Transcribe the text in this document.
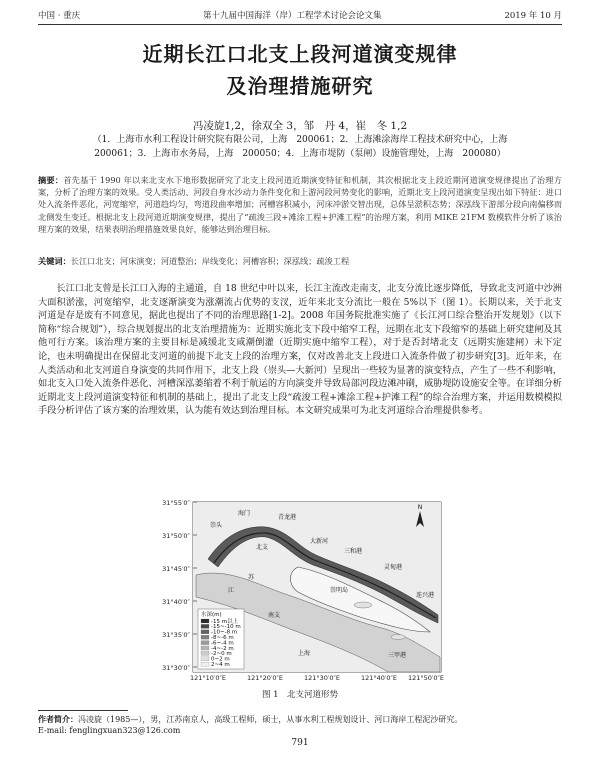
中国 · 重庆	第十九届中国海洋（岸）工程学术讨论会论文集	2019 年 10 月
近期长江口北支上段河道演变规律
及治理措施研究
冯凌旋1,2，徐双全 3，邹　丹 4，崔　冬 1,2
（1．上海市水利工程设计研究院有限公司，上海　200061；2．上海滩涂海岸工程技术研究中心，上海
200061；3．上海市水务局，上海　200050；4．上海市堤防（泵闸）设施管理处，上海　200080）
摘要：首先基于 1990 年以来北支水下地形数据研究了北支上段河道近期演变特征和机制，其次根据北支上段近期河道演变规律提出了治理方案，分析了治理方案的效果。受人类活动、河段自身水沙动力条件变化和上游河段河势变化的影响，近期北支上段河道演变呈现出如下特征：进口处入流条件恶化，河宽缩窄，河道趋均匀，弯道段曲率增加；河槽容积减小，河床冲淤交替出现，总体呈淤积态势；深泓线下游部分段向南偏移而北侧发生变迁。根据北支上段河道近期演变规律，提出了“疏浚三段+滩涂工程+护滩工程”的治理方案，利用 MIKE 21FM 数模软件分析了该治理方案的效果，结果表明治理措施效果良好，能够达到治理目标。
关键词：长江口北支；河床演变；河道整治；岸线变化；河槽容积；深泓线；疏浚工程
长江口北支曾是长江口入海的主通道，自 18 世纪中叶以来，长江主流改走南支，北支分流比逐步降低，导致北支河道中沙洲大面积淤涨，河宽缩窄，北支逐渐演变为涨潮流占优势的支汊，近年来北支分流比一般在 5%以下（图 1）。长期以来，关于北支河道是存是废有不同意见，据此也提出了不同的治理思路[1-2]。2008 年国务院批准实施了《长江河口综合整治开发规划》（以下简称“综合规划”），综合规划提出的北支治理措施为：近期实施北支下段中缩窄工程，远期在北支下段缩窄的基础上研究建闸及其他可行方案。该治理方案的主要目标是减缓北支咸潮倒灌（近期实施中缩窄工程），对于是否封堵北支（远期实施建闸）未下定论，也未明确提出在保留北支河道的前提下北支上段的治理方案，仅对改善北支上段进口入流条件做了初步研究[3]。近年来，在人类活动和北支河道自身演变的共同作用下，北支上段（崇头—大新河）呈现出一些较为显著的演变特点，产生了一些不利影响，如北支入口处入流条件恶化、河槽深泓萎缩着不利于航运的方向演变并导致局部河段边滩冲刷，威胁堤防设施安全等。在详细分析近期北支上段河道演变特征和机制的基础上，提出了北支上段“疏浚工程+滩涂工程+护滩工程”的综合治理方案，并运用数模模拟手段分析评估了该方案的治理效果，认为能有效达到治理目标。本文研究成果可为北支河道综合治理提供参考。
31°55′0″
31°50′0″
31°45′0″
31°40′0″
31°35′0″
31°30′0″
121°10′0″E	121°20′0″E	121°30′0″E	121°40′0″E 121°50′0″E
N
崇头
海门
青龙港
大新河
三和港
灵甸港
连兴港
北支
崇明岛
南支
上海	三甲港
江
苏
水深(m)
-15 m以上
-15~-10 m
-10~-8 m
-8~-6 m
-6~-4 m
-4~-2 m
-2~0 m
0~2 m
2~4 m
图 1　北支河道形势
作者简介：冯凌旋（1985—），男，江苏南京人，高级工程师，硕士，从事水利工程规划设计、河口海岸工程泥沙研究。
E-mail: fenglingxuan323@126.com
791
